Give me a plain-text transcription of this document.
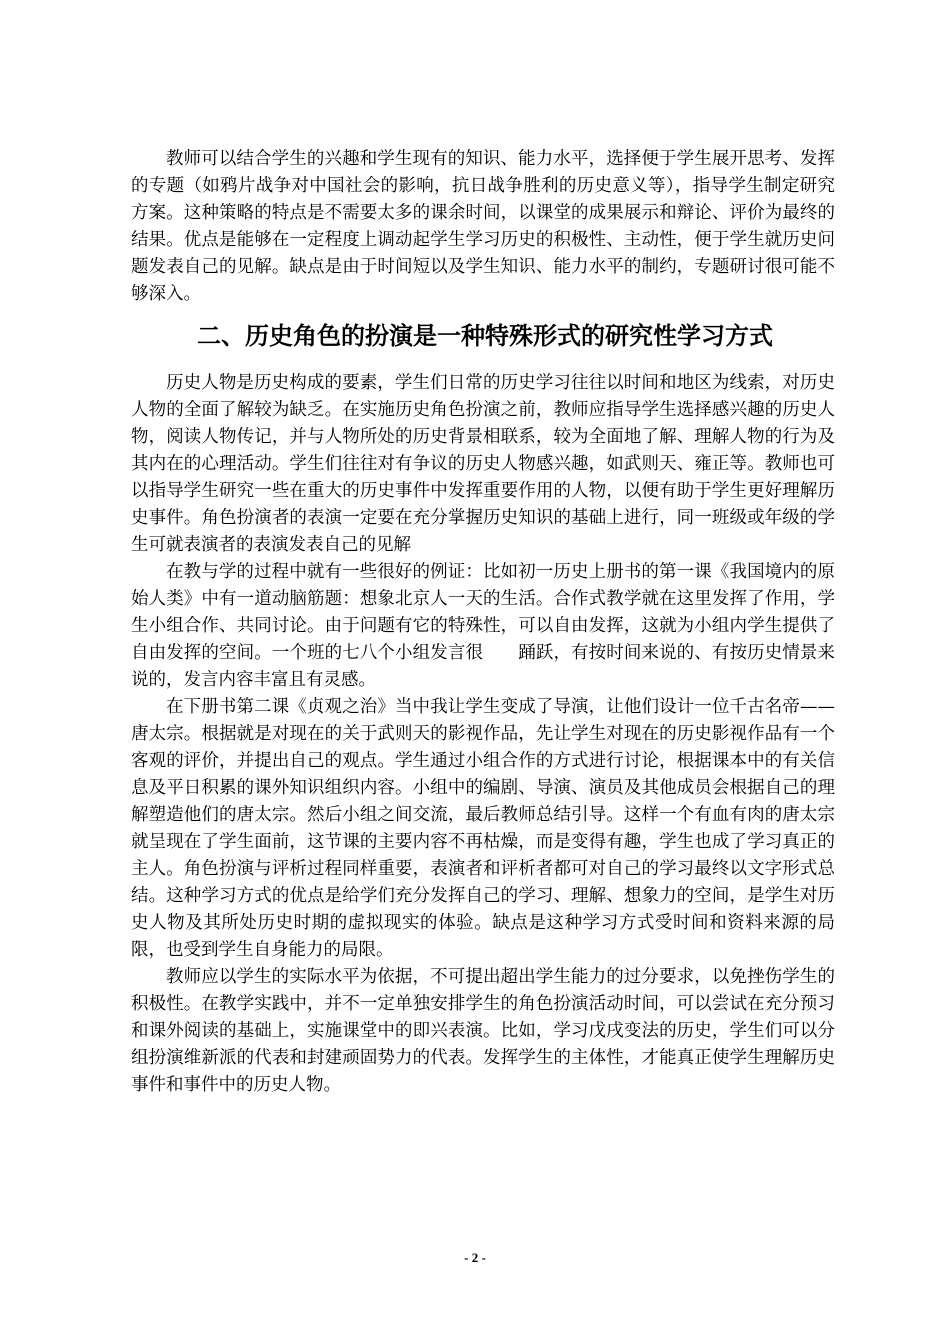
教师可以结合学生的兴趣和学生现有的知识、能力水平，选择便于学生展开思考、发挥的专题（如鸦片战争对中国社会的影响，抗日战争胜利的历史意义等），指导学生制定研究方案。这种策略的特点是不需要太多的课余时间，以课堂的成果展示和辩论、评价为最终的结果。优点是能够在一定程度上调动起学生学习历史的积极性、主动性，便于学生就历史问题发表自己的见解。缺点是由于时间短以及学生知识、能力水平的制约，专题研讨很可能不够深入。

二、历史角色的扮演是一种特殊形式的研究性学习方式

历史人物是历史构成的要素，学生们日常的历史学习往往以时间和地区为线索，对历史人物的全面了解较为缺乏。在实施历史角色扮演之前，教师应指导学生选择感兴趣的历史人物，阅读人物传记，并与人物所处的历史背景相联系，较为全面地了解、理解人物的行为及其内在的心理活动。学生们往往对有争议的历史人物感兴趣，如武则天、雍正等。教师也可以指导学生研究一些在重大的历史事件中发挥重要作用的人物，以便有助于学生更好理解历史事件。角色扮演者的表演一定要在充分掌握历史知识的基础上进行，同一班级或年级的学生可就表演者的表演发表自己的见解

在教与学的过程中就有一些很好的例证：比如初一历史上册书的第一课《我国境内的原始人类》中有一道动脑筋题：想象北京人一天的生活。合作式教学就在这里发挥了作用，学生小组合作、共同讨论。由于问题有它的特殊性，可以自由发挥，这就为小组内学生提供了自由发挥的空间。一个班的七八个小组发言很　　踊跃，有按时间来说的、有按历史情景来说的，发言内容丰富且有灵感。

在下册书第二课《贞观之治》当中我让学生变成了导演，让他们设计一位千古名帝——唐太宗。根据就是对现在的关于武则天的影视作品，先让学生对现在的历史影视作品有一个客观的评价，并提出自己的观点。学生通过小组合作的方式进行讨论，根据课本中的有关信息及平日积累的课外知识组织内容。小组中的编剧、导演、演员及其他成员会根据自己的理解塑造他们的唐太宗。然后小组之间交流，最后教师总结引导。这样一个有血有肉的唐太宗就呈现在了学生面前，这节课的主要内容不再枯燥，而是变得有趣，学生也成了学习真正的主人。角色扮演与评析过程同样重要，表演者和评析者都可对自己的学习最终以文字形式总结。这种学习方式的优点是给学们充分发挥自己的学习、理解、想象力的空间，是学生对历史人物及其所处历史时期的虚拟现实的体验。缺点是这种学习方式受时间和资料来源的局限，也受到学生自身能力的局限。

教师应以学生的实际水平为依据，不可提出超出学生能力的过分要求，以免挫伤学生的积极性。在教学实践中，并不一定单独安排学生的角色扮演活动时间，可以尝试在充分预习和课外阅读的基础上，实施课堂中的即兴表演。比如，学习戊戌变法的历史，学生们可以分组扮演维新派的代表和封建顽固势力的代表。发挥学生的主体性，才能真正使学生理解历史事件和事件中的历史人物。

- 2 -
